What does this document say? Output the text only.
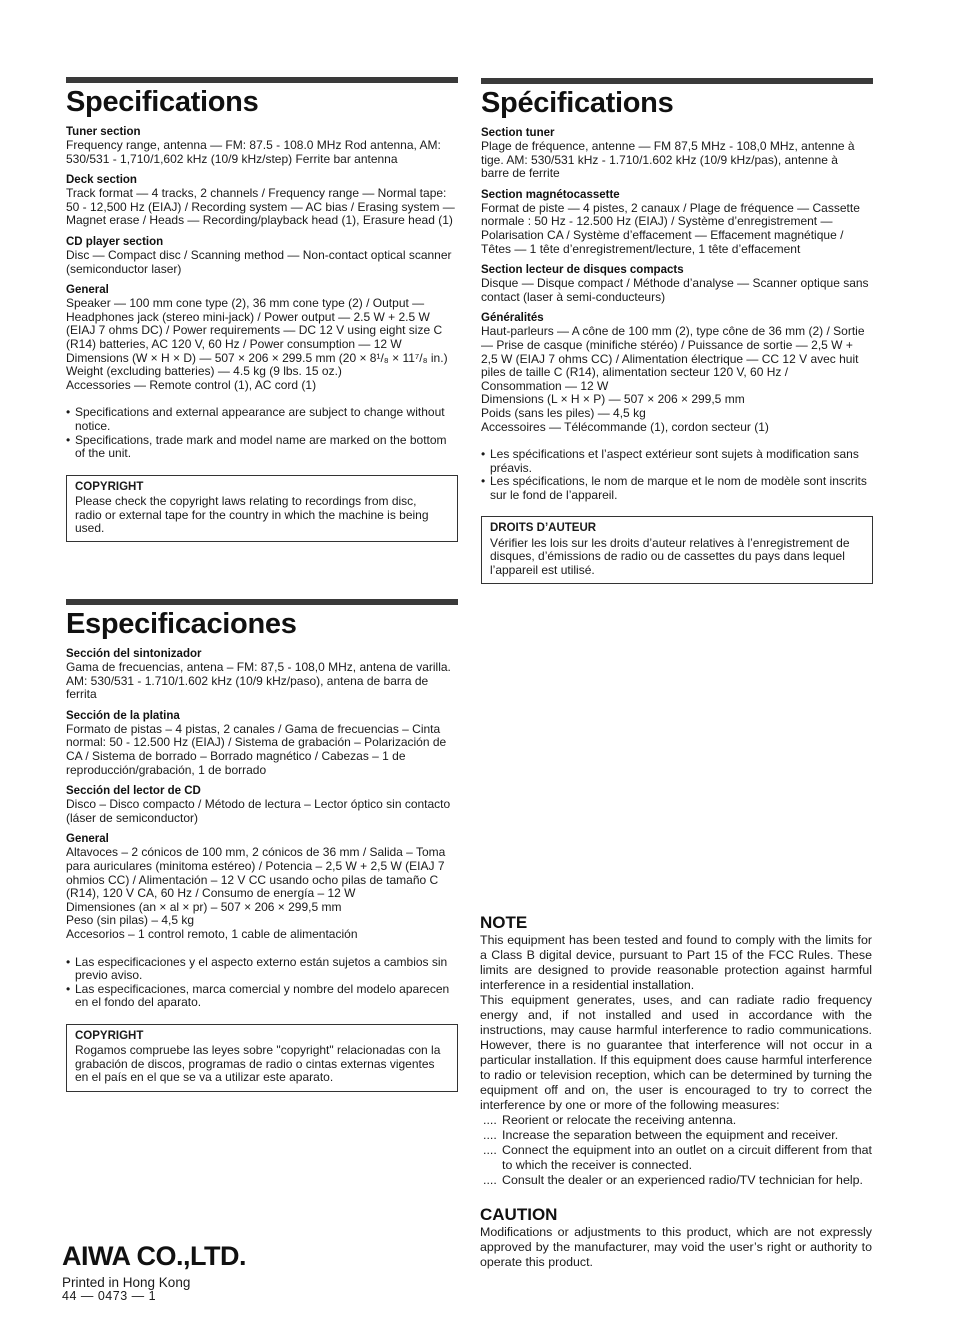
Specifications
Tuner section
Frequency range, antenna — FM: 87.5 - 108.0 MHz Rod antenna, AM:
530/531 - 1,710/1,602 kHz (10/9 kHz/step) Ferrite bar antenna
Deck section
Track format — 4 tracks, 2 channels / Frequency range — Normal tape:
50 - 12,500 Hz (EIAJ) / Recording system — AC bias / Erasing system —
Magnet erase / Heads — Recording/playback head (1), Erasure head (1)
CD player section
Disc — Compact disc / Scanning method — Non-contact optical scanner
(semiconductor laser)
General
Speaker — 100 mm cone type (2), 36 mm cone type (2) / Output —
Headphones jack (stereo mini-jack) / Power output — 2.5 W + 2.5 W
(EIAJ 7 ohms DC) / Power requirements — DC 12 V using eight size C
(R14) batteries, AC 120 V, 60 Hz / Power consumption — 12 W
Dimensions (W × H × D) — 507 × 206 × 299.5 mm (20 × 8¹/₈ × 11⁷/₈ in.)
Weight (excluding batteries) — 4.5 kg (9 lbs. 15 oz.)
Accessories — Remote control (1), AC cord (1)
• Specifications and external appearance are subject to change without
notice.
• Specifications, trade mark and model name are marked on the bottom
of the unit.
COPYRIGHT
Please check the copyright laws relating to recordings from disc,
radio or external tape for the country in which the machine is being
used.
Spécifications
Section tuner
Plage de fréquence, antenne — FM 87,5 MHz - 108,0 MHz, antenne à
tige. AM: 530/531 kHz - 1.710/1.602 kHz (10/9 kHz/pas), antenne à
barre de ferrite
Section magnétocassette
Format de piste — 4 pistes, 2 canaux / Plage de fréquence — Cassette
normale : 50 Hz - 12.500 Hz (EIAJ) / Système d’enregistrement —
Polarisation CA / Système d’effacement — Effacement magnétique /
Têtes — 1 tête d’enregistrement/lecture, 1 tête d’effacement
Section lecteur de disques compacts
Disque — Disque compact / Méthode d’analyse — Scanner optique sans
contact (laser à semi-conducteurs)
Généralités
Haut-parleurs — A cône de 100 mm (2), type cône de 36 mm (2) / Sortie
— Prise de casque (minifiche stéréo) / Puissance de sortie — 2,5 W +
2,5 W (EIAJ 7 ohms CC) / Alimentation électrique — CC 12 V avec huit
piles de taille C (R14), alimentation secteur 120 V, 60 Hz /
Consommation — 12 W
Dimensions (L × H × P) — 507 × 206 × 299,5 mm
Poids (sans les piles) — 4,5 kg
Accessoires — Télécommande (1), cordon secteur (1)
• Les spécifications et l’aspect extérieur sont sujets à modification sans
préavis.
• Les spécifications, le nom de marque et le nom de modèle sont inscrits
sur le fond de l’appareil.
DROITS D’AUTEUR
Vérifier les lois sur les droits d’auteur relatives à l’enregistrement de
disques, d’émissions de radio ou de cassettes du pays dans lequel
l’appareil est utilisé.
Especificaciones
Sección del sintonizador
Gama de frecuencias, antena – FM: 87,5 - 108,0 MHz, antena de varilla.
AM: 530/531 - 1.710/1.602 kHz (10/9 kHz/paso), antena de barra de
ferrita
Sección de la platina
Formato de pistas – 4 pistas, 2 canales / Gama de frecuencias – Cinta
normal: 50 - 12.500 Hz (EIAJ) / Sistema de grabación – Polarización de
CA / Sistema de borrado – Borrado magnético / Cabezas – 1 de
reproducción/grabación, 1 de borrado
Sección del lector de CD
Disco – Disco compacto / Método de lectura – Lector óptico sin contacto
(láser de semiconductor)
General
Altavoces – 2 cónicos de 100 mm, 2 cónicos de 36 mm / Salida – Toma
para auriculares (minitoma estéreo) / Potencia – 2,5 W + 2,5 W (EIAJ 7
ohmios CC) / Alimentación – 12 V CC usando ocho pilas de tamaño C
(R14), 120 V CA, 60 Hz / Consumo de energía – 12 W
Dimensiones (an × al × pr) – 507 × 206 × 299,5 mm
Peso (sin pilas) – 4,5 kg
Accesorios – 1 control remoto, 1 cable de alimentación
• Las especificaciones y el aspecto externo están sujetos a cambios sin
previo aviso.
• Las especificaciones, marca comercial y nombre del modelo aparecen
en el fondo del aparato.
COPYRIGHT
Rogamos compruebe las leyes sobre "copyright" relacionadas con la
grabación de discos, programas de radio o cintas externas vigentes
en el país en el que se va a utilizar este aparato.
NOTE
This equipment has been tested and found to comply with the limits for a Class B digital device, pursuant to Part 15 of the FCC Rules. These limits are designed to provide reasonable protection against harmful interference in a residential installation.
This equipment generates, uses, and can radiate radio frequency energy and, if not installed and used in accordance with the instructions, may cause harmful interference to radio communications. However, there is no guarantee that interference will not occur in a particular installation. If this equipment does cause harmful interference to radio or television reception, which can be determined by turning the equipment off and on, the user is encouraged to try to correct the interference by one or more of the following measures:
.... Reorient or relocate the receiving antenna.
.... Increase the separation between the equipment and receiver.
.... Connect the equipment into an outlet on a circuit different from that to which the receiver is connected.
.... Consult the dealer or an experienced radio/TV technician for help.
CAUTION
Modifications or adjustments to this product, which are not expressly approved by the manufacturer, may void the user’s right or authority to operate this product.
AIWA CO.,LTD.
Printed in Hong Kong
44 — 0473 — 1
